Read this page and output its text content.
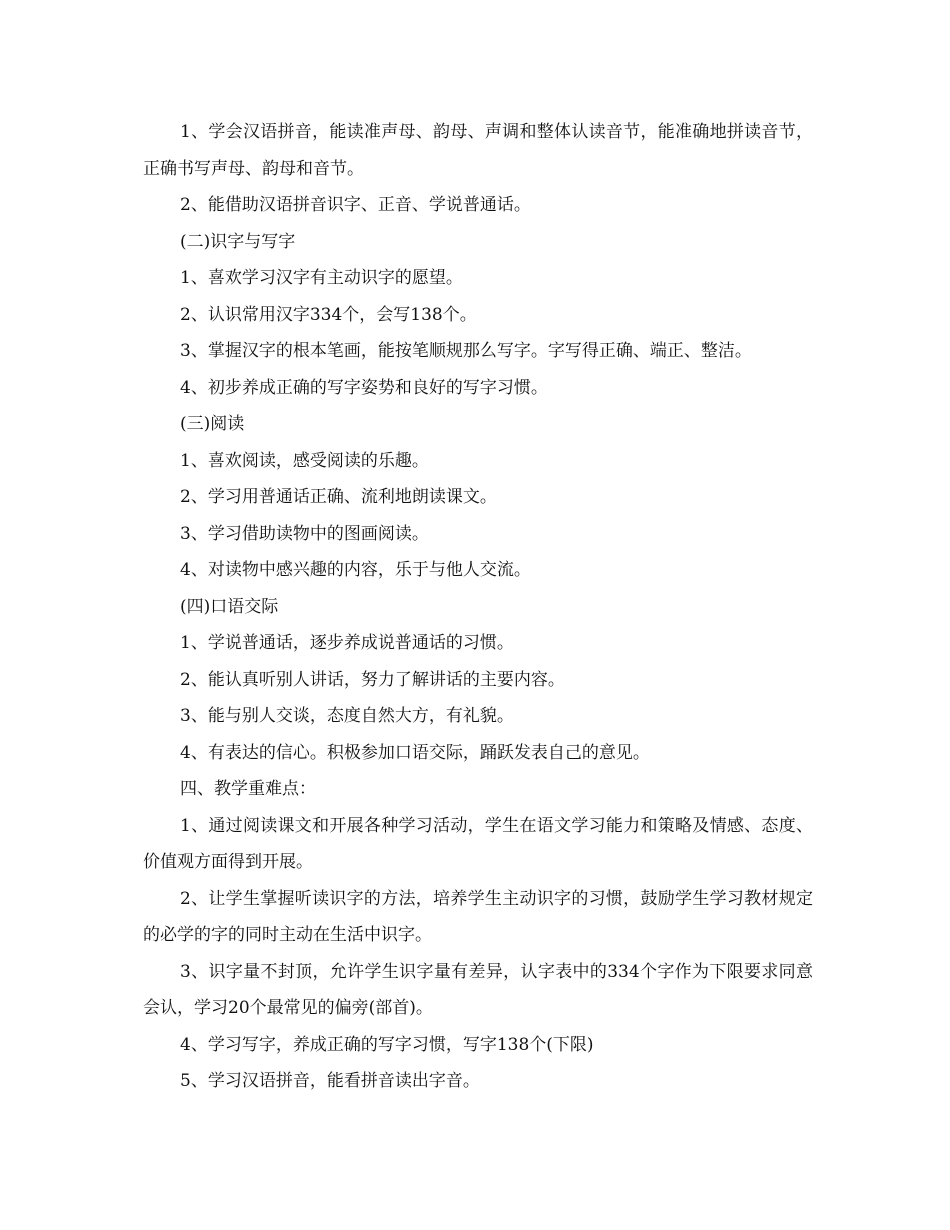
1、学会汉语拼音，能读准声母、韵母、声调和整体认读音节，能准确地拼读音节，正确书写声母、韵母和音节。

2、能借助汉语拼音识字、正音、学说普通话。

(二)识字与写字

1、喜欢学习汉字有主动识字的愿望。

2、认识常用汉字334个，会写138个。

3、掌握汉字的根本笔画，能按笔顺规那么写字。字写得正确、端正、整洁。

4、初步养成正确的写字姿势和良好的写字习惯。

(三)阅读

1、喜欢阅读，感受阅读的乐趣。

2、学习用普通话正确、流利地朗读课文。

3、学习借助读物中的图画阅读。

4、对读物中感兴趣的内容，乐于与他人交流。

(四)口语交际

1、学说普通话，逐步养成说普通话的习惯。

2、能认真听别人讲话，努力了解讲话的主要内容。

3、能与别人交谈，态度自然大方，有礼貌。

4、有表达的信心。积极参加口语交际，踊跃发表自己的意见。

四、教学重难点：

1、通过阅读课文和开展各种学习活动，学生在语文学习能力和策略及情感、态度、价值观方面得到开展。

2、让学生掌握听读识字的方法，培养学生主动识字的习惯，鼓励学生学习教材规定的必学的字的同时主动在生活中识字。

3、识字量不封顶，允许学生识字量有差异，认字表中的334个字作为下限要求同意会认，学习20个最常见的偏旁(部首)。

4、学习写字，养成正确的写字习惯，写字138个(下限)

5、学习汉语拼音，能看拼音读出字音。
